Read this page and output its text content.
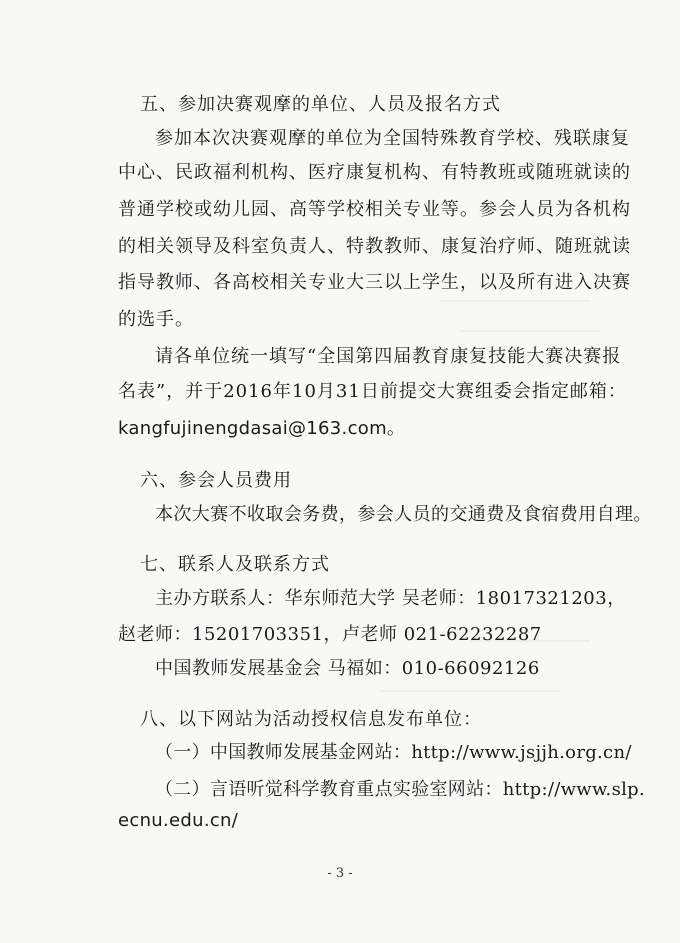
五、参加决赛观摩的单位、人员及报名方式
参加本次决赛观摩的单位为全国特殊教育学校、残联康复
中心、民政福利机构、医疗康复机构、有特教班或随班就读的
普通学校或幼儿园、高等学校相关专业等。参会人员为各机构
的相关领导及科室负责人、特教教师、康复治疗师、随班就读
指导教师、各高校相关专业大三以上学生，以及所有进入决赛
的选手。
请各单位统一填写“全国第四届教育康复技能大赛决赛报
名表”，并于2016年10月31日前提交大赛组委会指定邮箱：
kangfujinengdasai@163.com。
六、参会人员费用
本次大赛不收取会务费，参会人员的交通费及食宿费用自理。
七、联系人及联系方式
主办方联系人：华东师范大学 吴老师：18017321203，
赵老师：15201703351，卢老师 021-62232287
中国教师发展基金会 马福如：010-66092126
八、以下网站为活动授权信息发布单位：
（一）中国教师发展基金网站：http://www.jsjjh.org.cn/
（二）言语听觉科学教育重点实验室网站：http://www.slp.
ecnu.edu.cn/
- 3 -
